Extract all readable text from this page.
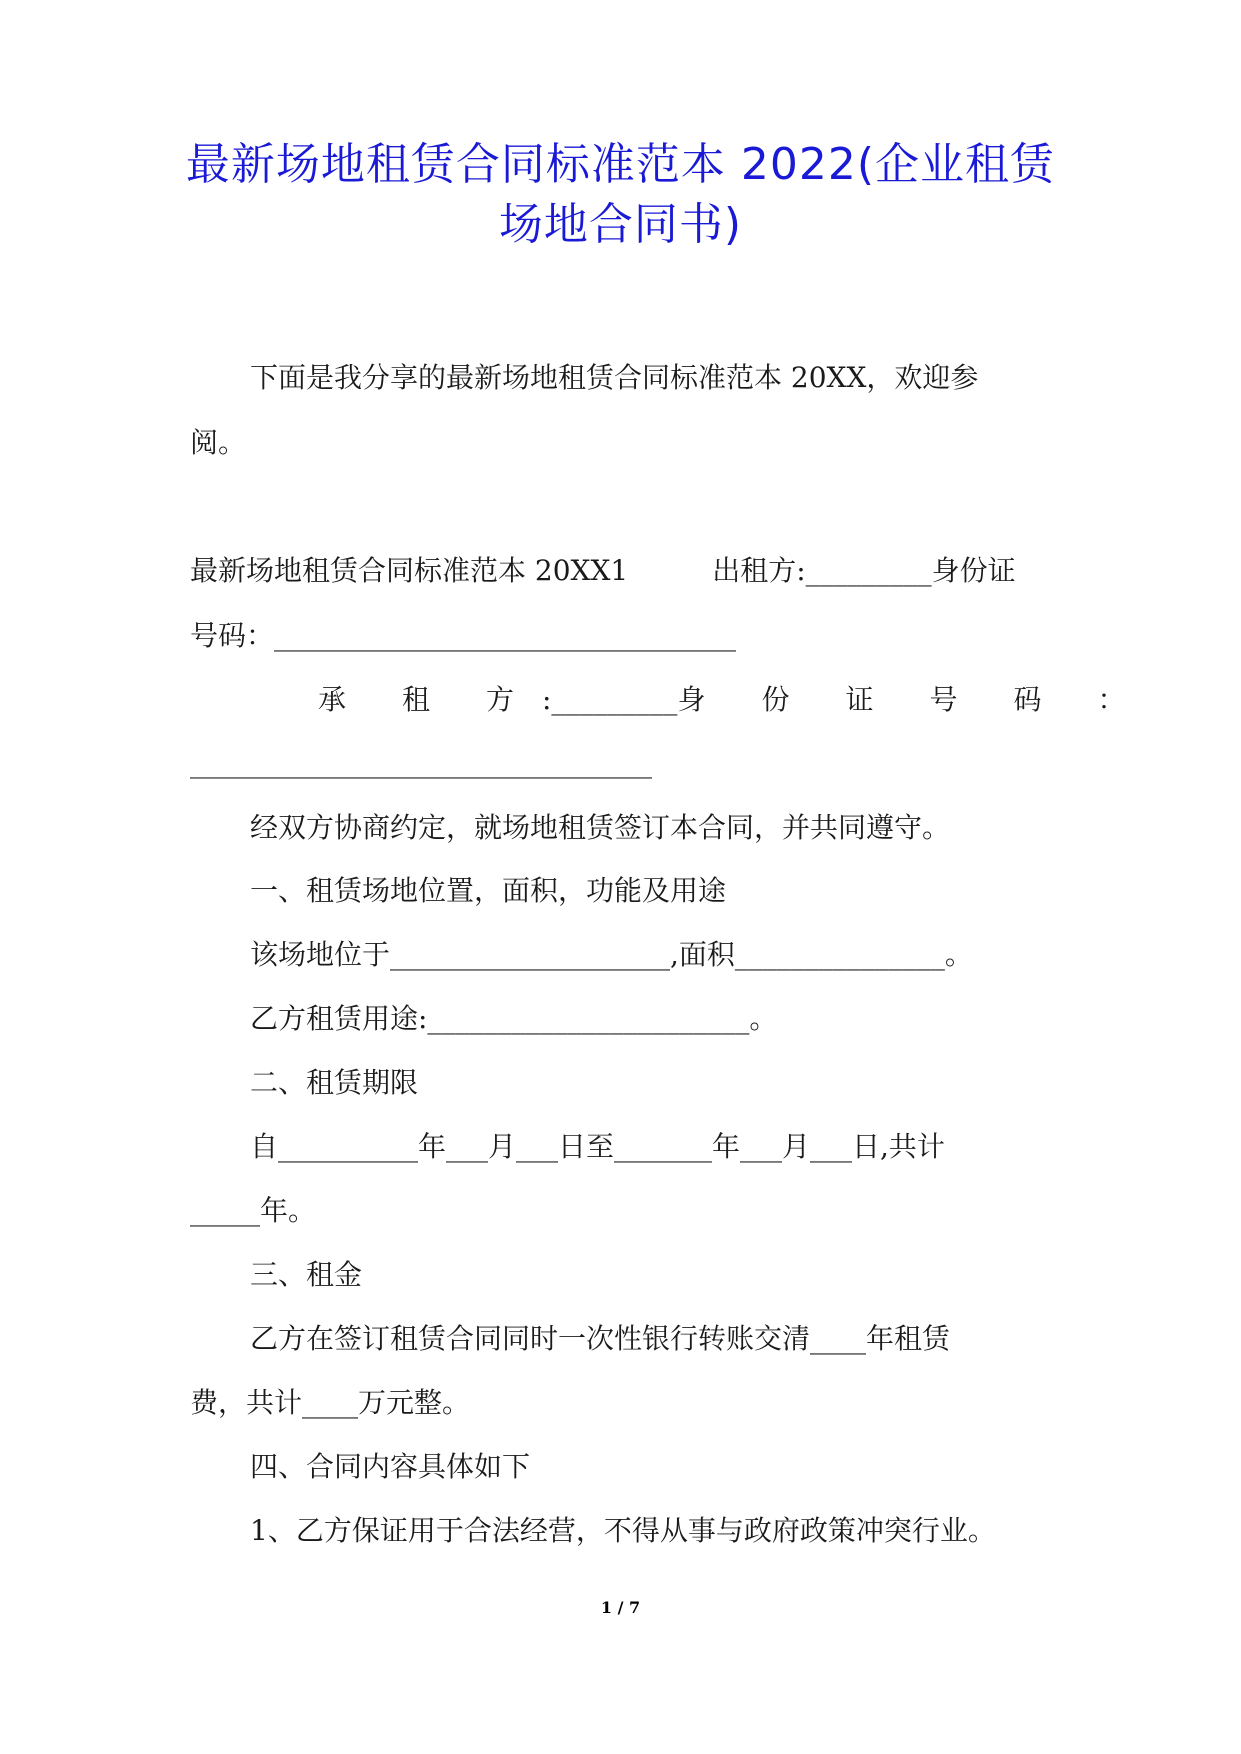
最新场地租赁合同标准范本 2022(企业租赁
场地合同书)

下面是我分享的最新场地租赁合同标准范本 20XX，欢迎参

阅。

最新场地租赁合同标准范本 20XX1　　　出租方:_________身份证

号码：_________________________________

承　　租　　方　:_________ 身　　份　　证　　号　　码　　：

_________________________________

经双方协商约定，就场地租赁签订本合同，并共同遵守。

一、租赁场地位置，面积，功能及用途

该场地位于____________________,面积_______________。

乙方租赁用途:_______________________。

二、租赁期限

自__________年___月___日至_______年___月___日,共计

_____年。

三、租金

乙方在签订租赁合同同时一次性银行转账交清____年租赁

费，共计____万元整。

四、合同内容具体如下

1、乙方保证用于合法经营，不得从事与政府政策冲突行业。

1 / 7
